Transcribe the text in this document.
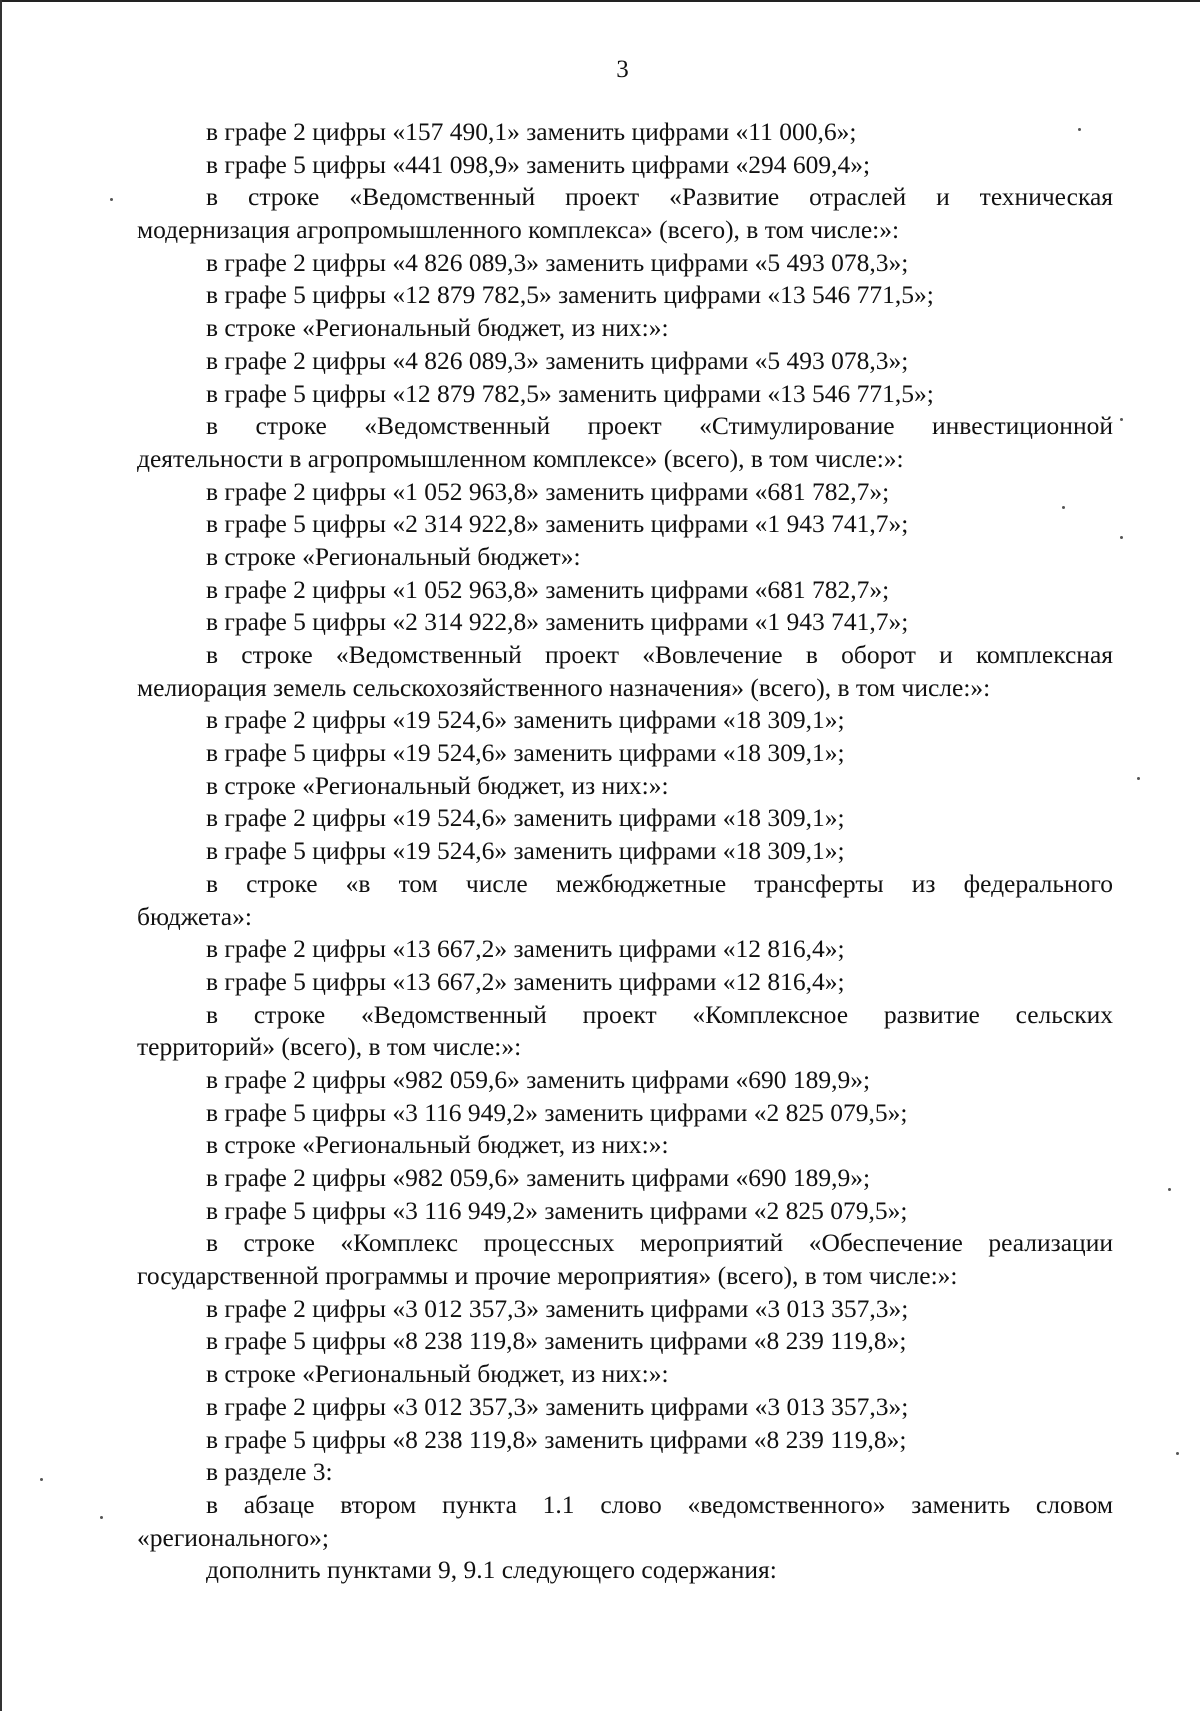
3
в графе 2 цифры «157 490,1» заменить цифрами «11 000,6»;
в графе 5 цифры «441 098,9» заменить цифрами «294 609,4»;
в строке «Ведомственный проект «Развитие отраслей и техническая
модернизация агропромышленного комплекса» (всего), в том числе:»:
в графе 2 цифры «4 826 089,3» заменить цифрами «5 493 078,3»;
в графе 5 цифры «12 879 782,5» заменить цифрами «13 546 771,5»;
в строке «Региональный бюджет, из них:»:
в графе 2 цифры «4 826 089,3» заменить цифрами «5 493 078,3»;
в графе 5 цифры «12 879 782,5» заменить цифрами «13 546 771,5»;
в строке «Ведомственный проект «Стимулирование инвестиционной
деятельности в агропромышленном комплексе» (всего), в том числе:»:
в графе 2 цифры «1 052 963,8» заменить цифрами «681 782,7»;
в графе 5 цифры «2 314 922,8» заменить цифрами «1 943 741,7»;
в строке «Региональный бюджет»:
в графе 2 цифры «1 052 963,8» заменить цифрами «681 782,7»;
в графе 5 цифры «2 314 922,8» заменить цифрами «1 943 741,7»;
в строке «Ведомственный проект «Вовлечение в оборот и комплексная
мелиорация земель сельскохозяйственного назначения» (всего), в том числе:»:
в графе 2 цифры «19 524,6» заменить цифрами «18 309,1»;
в графе 5 цифры «19 524,6» заменить цифрами «18 309,1»;
в строке «Региональный бюджет, из них:»:
в графе 2 цифры «19 524,6» заменить цифрами «18 309,1»;
в графе 5 цифры «19 524,6» заменить цифрами «18 309,1»;
в строке «в том числе межбюджетные трансферты из федерального
бюджета»:
в графе 2 цифры «13 667,2» заменить цифрами «12 816,4»;
в графе 5 цифры «13 667,2» заменить цифрами «12 816,4»;
в строке «Ведомственный проект «Комплексное развитие сельских
территорий» (всего), в том числе:»:
в графе 2 цифры «982 059,6» заменить цифрами «690 189,9»;
в графе 5 цифры «3 116 949,2» заменить цифрами «2 825 079,5»;
в строке «Региональный бюджет, из них:»:
в графе 2 цифры «982 059,6» заменить цифрами «690 189,9»;
в графе 5 цифры «3 116 949,2» заменить цифрами «2 825 079,5»;
в строке «Комплекс процессных мероприятий «Обеспечение реализации
государственной программы и прочие мероприятия» (всего), в том числе:»:
в графе 2 цифры «3 012 357,3» заменить цифрами «3 013 357,3»;
в графе 5 цифры «8 238 119,8» заменить цифрами «8 239 119,8»;
в строке «Региональный бюджет, из них:»:
в графе 2 цифры «3 012 357,3» заменить цифрами «3 013 357,3»;
в графе 5 цифры «8 238 119,8» заменить цифрами «8 239 119,8»;
в разделе 3:
в абзаце втором пункта 1.1 слово «ведомственного» заменить словом
«регионального»;
дополнить пунктами 9, 9.1 следующего содержания:
